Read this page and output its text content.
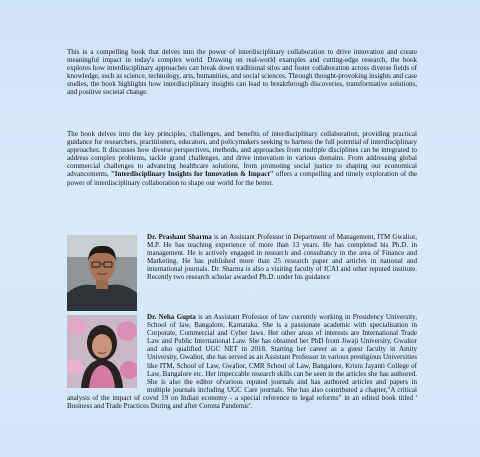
This is a compelling book that delves into the power of interdisciplinary collaboration to drive innovation and create meaningful impact in today's complex world. Drawing on real-world examples and cutting-edge research, the book explores how interdisciplinary approaches can break down traditional silos and foster collaboration across diverse fields of knowledge, such as science, technology, arts, humanities, and social sciences. Through thought-provoking insights and case studies, the book highlights how interdisciplinary insights can lead to breakthrough discoveries, transformative solutions, and positive societal change.

The book delves into the key principles, challenges, and benefits of interdisciplinary collaboration, providing practical guidance for researchers, practitioners, educators, and policymakers seeking to harness the full potential of interdisciplinary approaches. It discusses how diverse perspectives, methods, and approaches from multiple disciplines can be integrated to address complex problems, tackle grand challenges, and drive innovation in various domains. From addressing global commercial challenges to advancing healthcare solutions, from promoting social justice to shaping our economical advancements, "Interdisciplinary Insights for Innovation & Impact" offers a compelling and timely exploration of the power of interdisciplinary collaboration to shape our world for the better.

Dr. Prashant Sharma is an Assistant Professor in Department of Management, ITM Gwalior, M.P. He has teaching experience of more than 13 years. He has completed his Ph.D. in management. He is actively engaged in research and consultancy in the area of Finance and Marketing. He has published more than 25 research paper and articles in national and international journals. Dr. Sharma is also a visiting faculty of ICAI and other reputed institute. Recently two research scholar awarded Ph.D. under his guidance

Dr. Neha Gupta is an Assistant Professor of law currently working in Presidency University, School of law, Bangalore, Karnataka. She is a passionate academic with specialisation in Corporate, Commercial and Cyber laws. Her other areas of interests are International Trade Law and Public International Law. She has obtained her PhD from Jiwaji University, Gwalior and also qualified UGC NET in 2018. Starting her career as a guest faculty in Amity University, Gwalior, she has served as an Assistant Professor in various prestigious Universities like ITM, School of Law, Gwalior, CMR School of Law, Bangalore, Kristu Jayanti College of Law, Bangalore etc. Her impeccable research skills can be seen in the articles she has authored. She is also the editor ofvarious reputed journals and has authored articles and papers in multiple journals including UGC Care journals. She has also contributed a chapter,"A critical analysis of the impact of covid 19 on Indian economy - a special reference to legal reforms" in an edited book titled ' Business and Trade Practices During and after Corona Pandemic'.
